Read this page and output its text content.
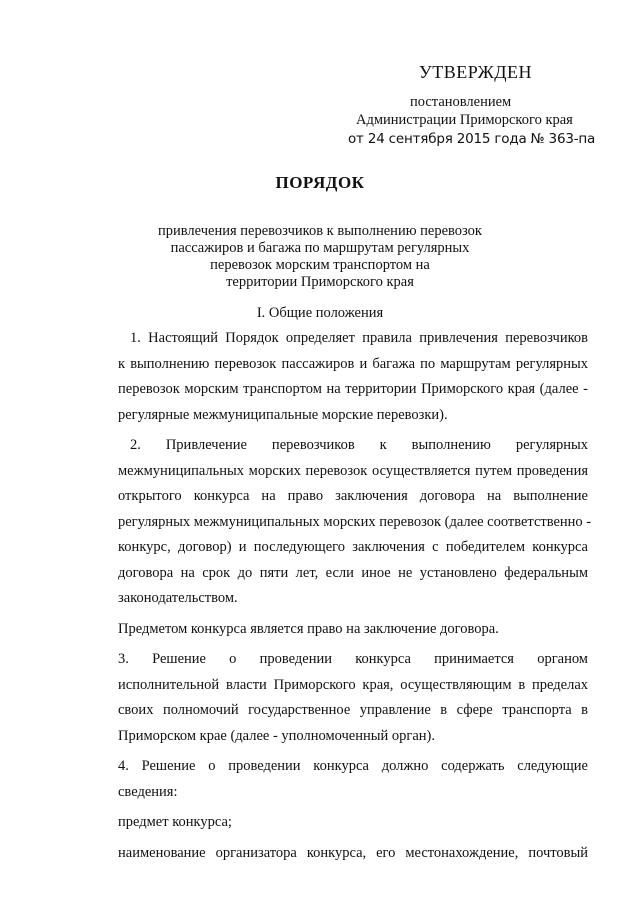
УТВЕРЖДЕН
постановлением
Администрации Приморского края
от 24 сентября 2015 года № 363-па
ПОРЯДОК
привлечения перевозчиков к выполнению перевозок
пассажиров и багажа по маршрутам регулярных
перевозок морским транспортом на
территории Приморского края
I. Общие положения
1. Настоящий Порядок определяет правила привлечения перевозчиков
к выполнению перевозок пассажиров и багажа по маршрутам регулярных
перевозок морским транспортом на территории Приморского края (далее -
регулярные межмуниципальные морские перевозки).
2. Привлечение перевозчиков к выполнению регулярных
межмуниципальных морских перевозок осуществляется путем проведения
открытого конкурса на право заключения договора на выполнение
регулярных межмуниципальных морских перевозок (далее соответственно -
конкурс, договор) и последующего заключения с победителем конкурса
договора на срок до пяти лет, если иное не установлено федеральным
законодательством.
Предметом конкурса является право на заключение договора.
3. Решение о проведении конкурса принимается органом
исполнительной власти Приморского края, осуществляющим в пределах
своих полномочий государственное управление в сфере транспорта в
Приморском крае (далее - уполномоченный орган).
4. Решение о проведении конкурса должно содержать следующие
сведения:
предмет конкурса;
наименование организатора конкурса, его местонахождение, почтовый
